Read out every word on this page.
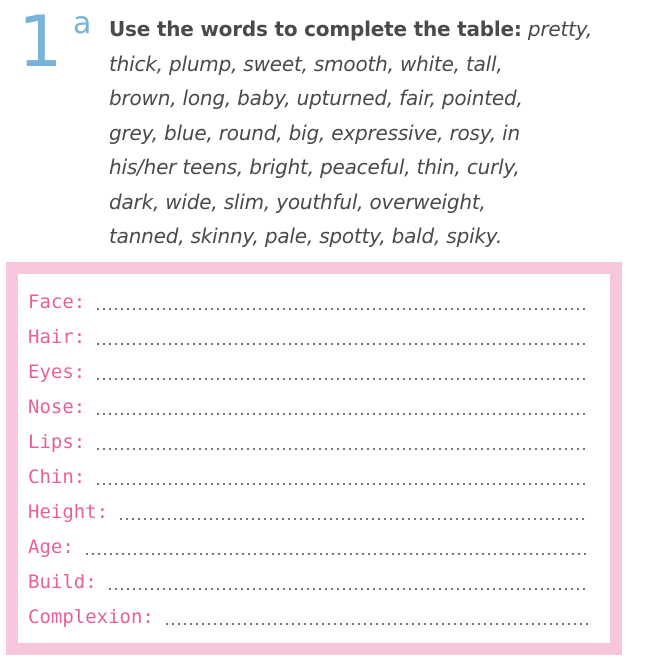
1 a Use the words to complete the table: pretty,
thick, plump, sweet, smooth, white, tall,
brown, long, baby, upturned, fair, pointed,
grey, blue, round, big, expressive, rosy, in
his/her teens, bright, peaceful, thin, curly,
dark, wide, slim, youthful, overweight,
tanned, skinny, pale, spotty, bald, spiky.
Face:
Hair:
Eyes:
Nose:
Lips:
Chin:
Height:
Age:
Build:
Complexion:
